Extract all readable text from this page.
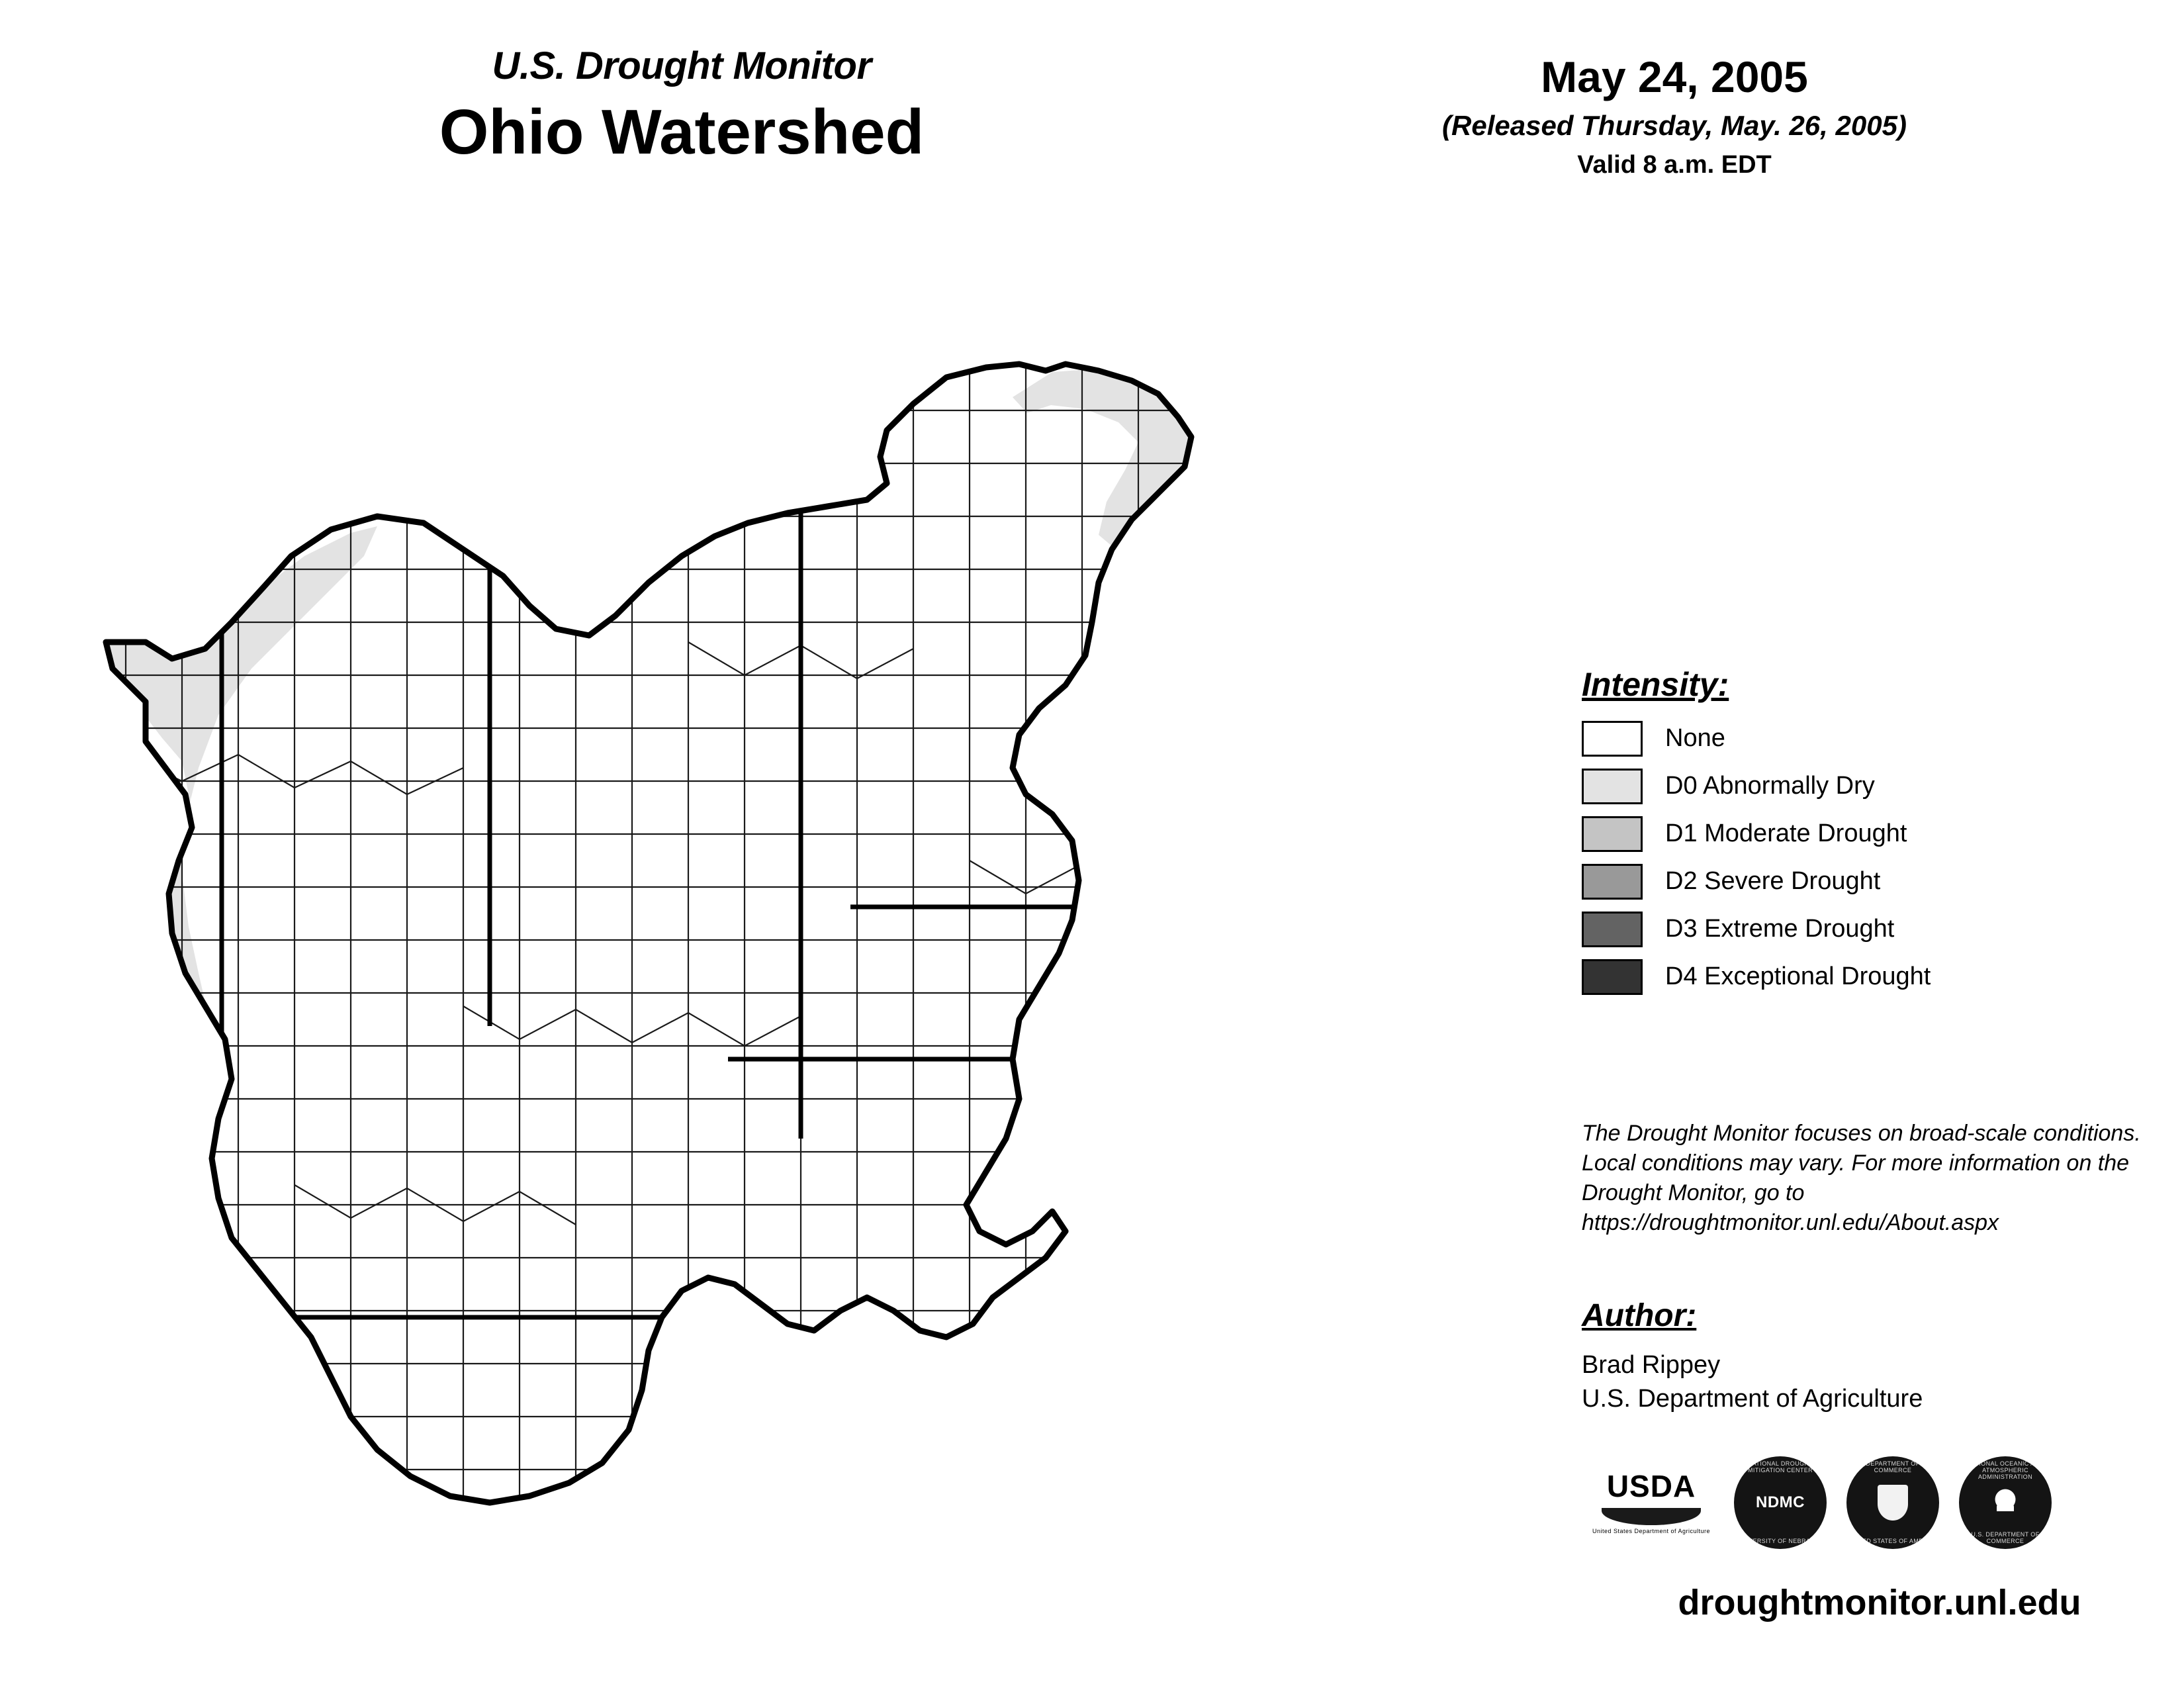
U.S. Drought Monitor
Ohio Watershed
May 24, 2005
(Released Thursday, May. 26, 2005)
Valid 8 a.m. EDT
Intensity:
None
D0 Abnormally Dry
D1 Moderate Drought
D2 Severe Drought
D3 Extreme Drought
D4 Exceptional Drought
The Drought Monitor focuses on broad-scale conditions. Local conditions may vary. For more information on the Drought Monitor, go to https://droughtmonitor.unl.edu/About.aspx
Author:
Brad Rippey
U.S. Department of Agriculture
USDA
United States Department of Agriculture
NATIONAL DROUGHT MITIGATION CENTER
NDMC
UNIVERSITY OF NEBRASKA
DEPARTMENT OF COMMERCE
UNITED STATES OF AMERICA
NATIONAL OCEANIC AND ATMOSPHERIC ADMINISTRATION
U.S. DEPARTMENT OF COMMERCE
droughtmonitor.unl.edu
